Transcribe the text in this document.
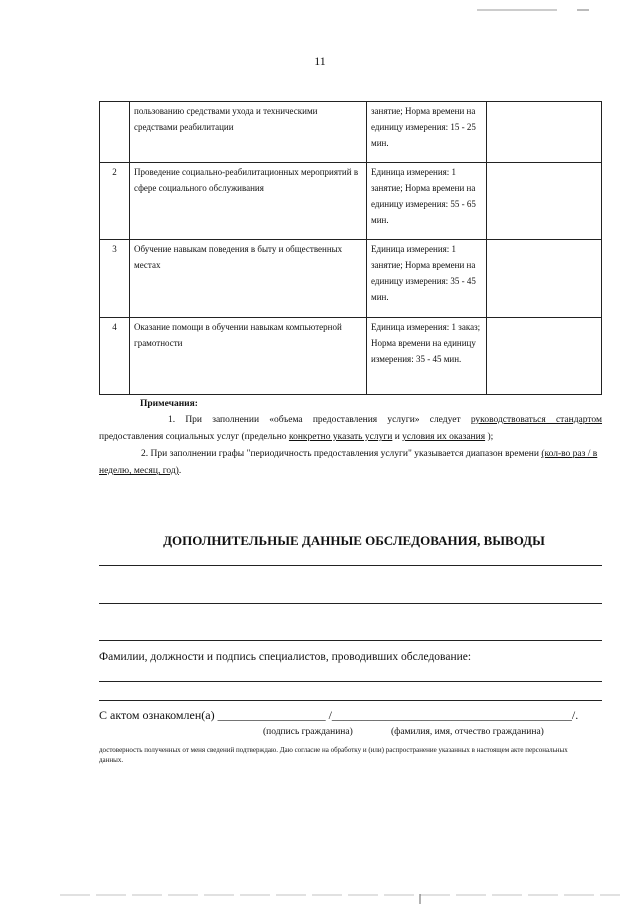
11
	пользованию средствами ухода и техническими средствами реабилитации	занятие; Норма времени на единицу измерения: 15 - 25 мин.	
2	Проведение социально-реабилитационных мероприятий в сфере социального обслуживания	Единица измерения: 1 занятие; Норма времени на единицу измерения: 55 - 65 мин.	
3	Обучение навыкам поведения в быту и общественных местах	Единица измерения: 1 занятие; Норма времени на единицу измерения: 35 - 45 мин.	
4	Оказание помощи в обучении навыкам компьютерной грамотности	Единица измерения: 1 заказ; Норма времени на единицу измерения: 35 - 45 мин.	
Примечания:
1. При заполнении «объема предоставления услуги» следует руководствоваться стандартом предоставления социальных услуг (предельно конкретно указать услуги и условия их оказания );
2. При заполнении графы "периодичность предоставления услуги" указывается диапазон времени (кол-во раз / в неделю, месяц, год).
ДОПОЛНИТЕЛЬНЫЕ ДАННЫЕ ОБСЛЕДОВАНИЯ, ВЫВОДЫ
Фамилии, должности и подпись специалистов, проводивших обследование:
С актом ознакомлен(а) __________________ /________________________________________/.
(подпись гражданина)	(фамилия, имя, отчество гражданина)
достоверность полученных от меня сведений подтверждаю. Даю согласие на обработку и (или) распространение указанных в настоящем акте персональных данных.
